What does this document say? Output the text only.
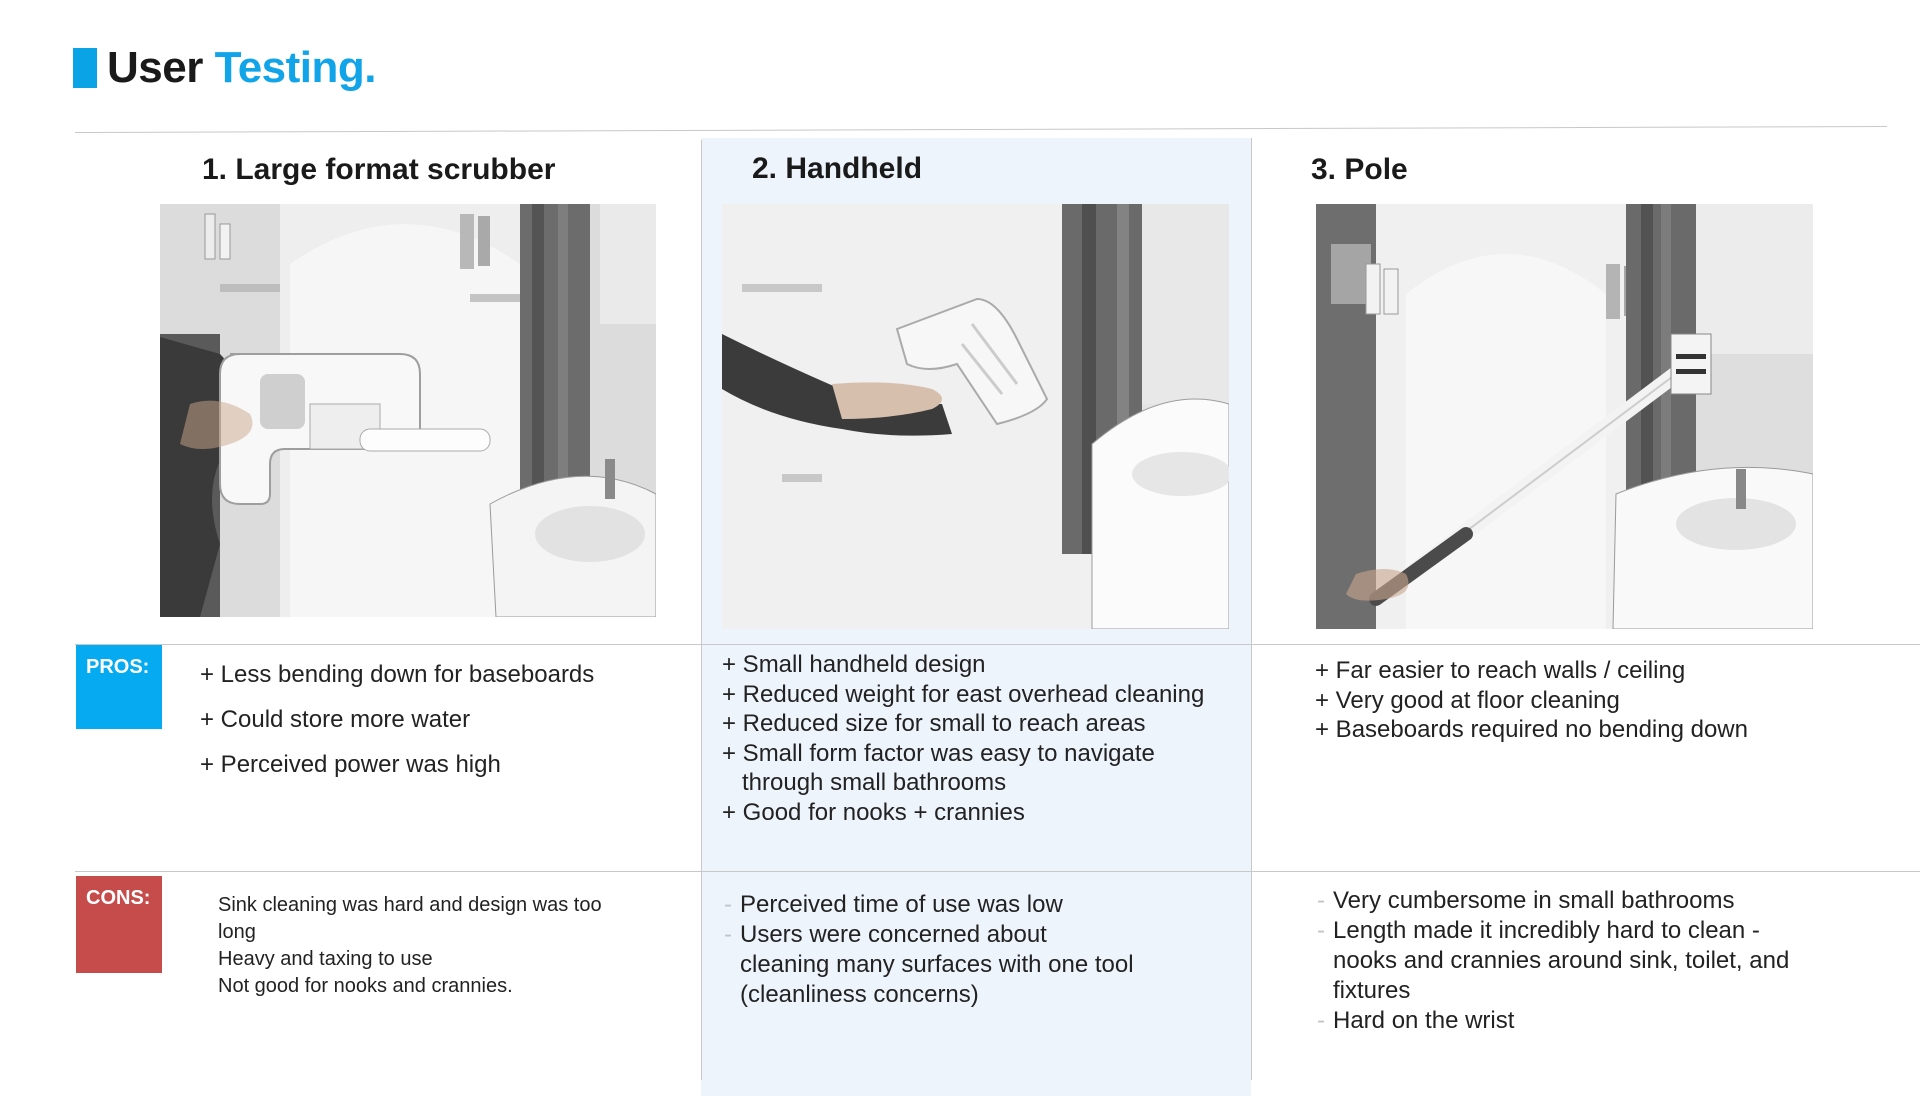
User Testing.
1. Large format scrubber	2. Handheld	3. Pole
PROS:
CONS:
+ Less bending down for baseboards
+ Could store more water
+ Perceived power was high
+ Small handheld design
+ Reduced weight for east overhead cleaning
+ Reduced size for small to reach areas
+ Small form factor was easy to navigate
through small bathrooms
+ Good for nooks + crannies
+ Far easier to reach walls / ceiling
+ Very good at floor cleaning
+ Baseboards required no bending down
Sink cleaning was hard and design was too
long
Heavy and taxing to use
Not good for nooks and crannies.
- Perceived time of use was low
- Users were concerned about
cleaning many surfaces with one tool
(cleanliness concerns)
- Very cumbersome in small bathrooms
- Length made it incredibly hard to clean -
nooks and crannies around sink, toilet, and
fixtures
- Hard on the wrist
